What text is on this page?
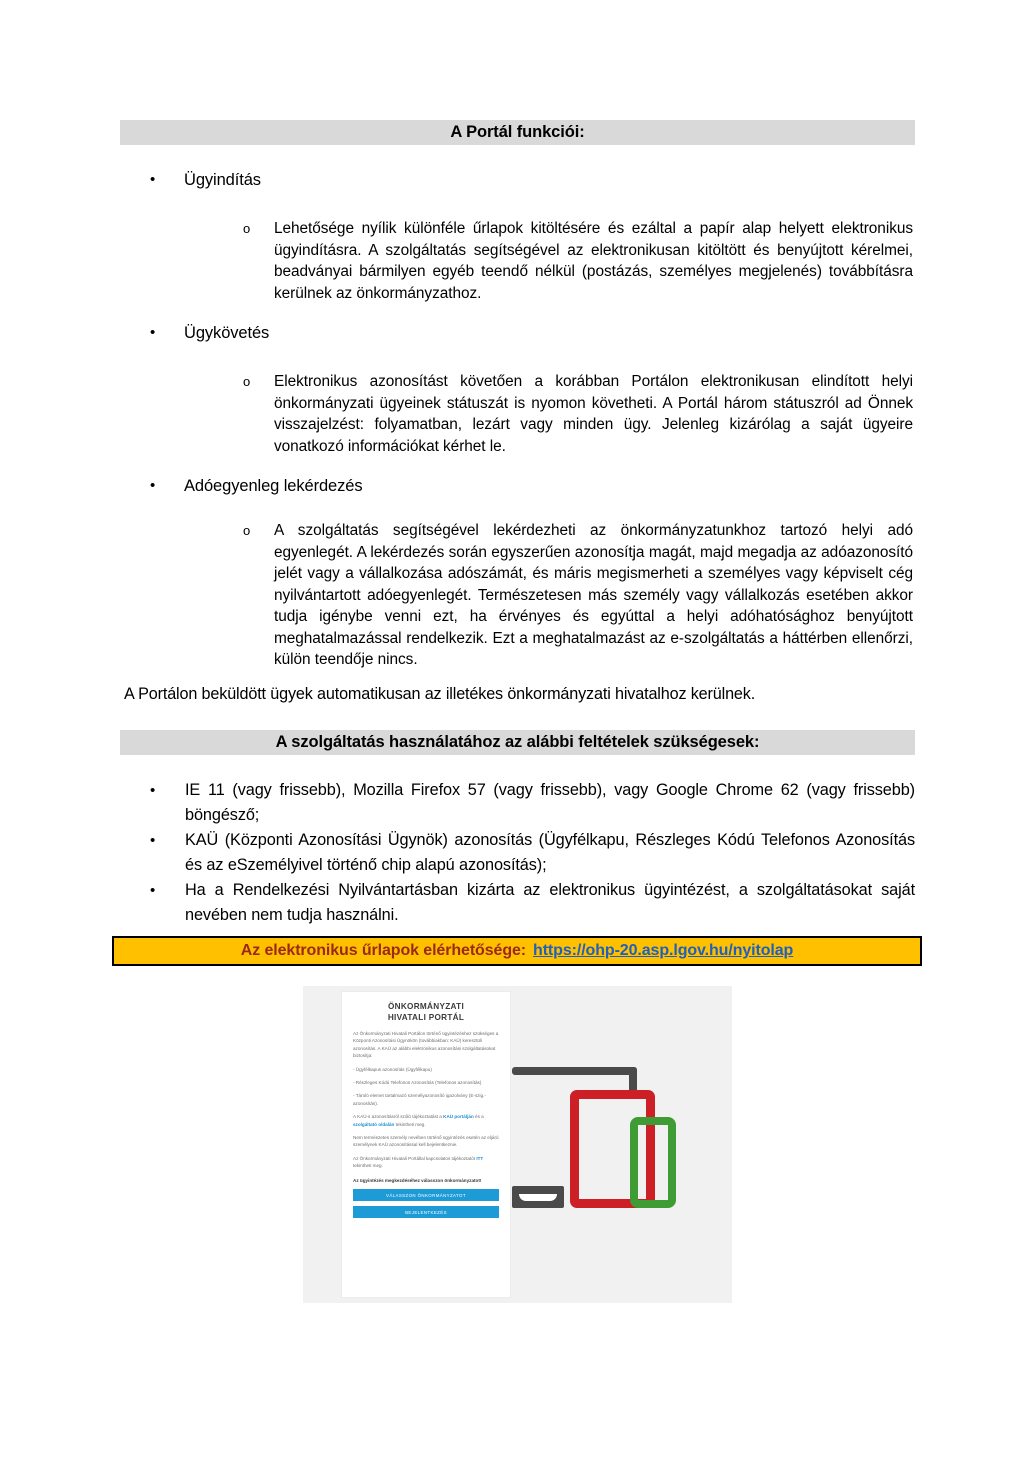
A Portál funkciói:
•	Ügyindítás
o	Lehetősége nyílik különféle űrlapok kitöltésére és ezáltal a papír alap helyett elektronikus ügyindításra. A szolgáltatás segítségével az elektronikusan kitöltött és benyújtott kérelmei, beadványai bármilyen egyéb teendő nélkül (postázás, személyes megjelenés) továbbításra kerülnek az önkormányzathoz.
•	Ügykövetés
o	Elektronikus azonosítást követően a korábban Portálon elektronikusan elindított helyi önkormányzati ügyeinek státuszát is nyomon követheti. A Portál három státuszról ad Önnek visszajelzést: folyamatban, lezárt vagy minden ügy. Jelenleg kizárólag a saját ügyeire vonatkozó információkat kérhet le.
•	Adóegyenleg lekérdezés
o	A szolgáltatás segítségével lekérdezheti az önkormányzatunkhoz tartozó helyi adó egyenlegét. A lekérdezés során egyszerűen azonosítja magát, majd megadja az adóazonosító jelét vagy a vállalkozása adószámát, és máris megismerheti a személyes vagy képviselt cég nyilvántartott adóegyenlegét. Természetesen más személy vagy vállalkozás esetében akkor tudja igénybe venni ezt, ha érvényes és egyúttal a helyi adóhatósághoz benyújtott meghatalmazással rendelkezik. Ezt a meghatalmazást az e-szolgáltatás a háttérben ellenőrzi, külön teendője nincs.
A Portálon beküldött ügyek automatikusan az illetékes önkormányzati hivatalhoz kerülnek.
A szolgáltatás használatához az alábbi feltételek szükségesek:
•	IE 11 (vagy frissebb), Mozilla Firefox 57 (vagy frissebb), vagy Google Chrome 62 (vagy frissebb) böngésző;
•	KAÜ (Központi Azonosítási Ügynök) azonosítás (Ügyfélkapu, Részleges Kódú Telefonos Azonosítás és az eSzemélyivel történő chip alapú azonosítás);
•	Ha a Rendelkezési Nyilvántartásban kizárta az elektronikus ügyintézést, a szolgáltatásokat saját nevében nem tudja használni.
Az elektronikus űrlapok elérhetősége: https://ohp-20.asp.lgov.hu/nyitolap
ÖNKORMÁNYZATI
HIVATALI PORTÁL
Az Önkormányzati Hivatali Portálon történő ügyintézéshez szükséges a Központi Azonosítási Ügynökön (továbbiakban: KAÜ) keresztüli azonosítás. A KAÜ az alábbi elektronikus azonosítási szolgáltatásokat biztosítja:
- Ügyfélkapus azonosítás (Ügyfélkapu)
- Részleges Kódú Telefonos Azonosítás (Telefonos azonosítás)
- Tároló elemet tartalmazó személyazonosító igazolvány (E-szig.-azonosítás).
A KAÜ-s azonosításról szóló tájékoztatást a KAÜ portálján és a szolgáltató oldalán tekintheti meg.
Nem természetes személy nevében történő ügyintézés esetén az eljáró személynek KAÜ azonosítással kell bejelentkeznie.
Az Önkormányzati Hivatali Portállal kapcsolatos tájékoztatót ITT tekintheti meg.
Az ügyintézés megkezdéséhez válasszon önkormányzatot!
VÁLASSZON ÖNKORMÁNYZATOT
BEJELENTKEZÉS
